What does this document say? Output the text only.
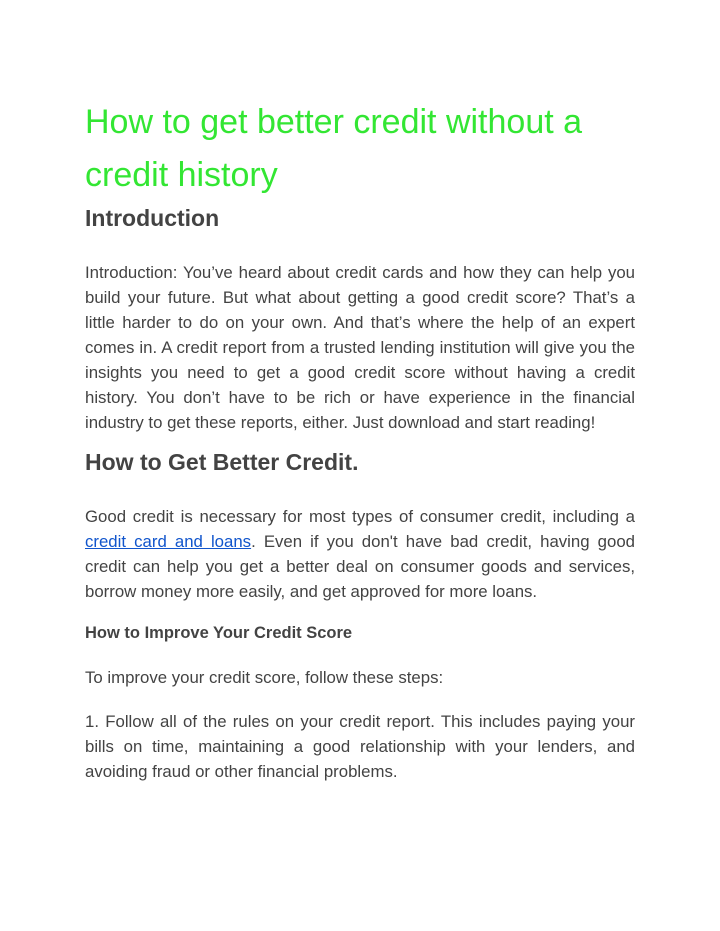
How to get better credit without a credit history
Introduction

Introduction: You’ve heard about credit cards and how they can help you build your future. But what about getting a good credit score? That’s a little harder to do on your own. And that’s where the help of an expert comes in. A credit report from a trusted lending institution will give you the insights you need to get a good credit score without having a credit history. You don’t have to be rich or have experience in the financial industry to get these reports, either. Just download and start reading!

How to Get Better Credit.

Good credit is necessary for most types of consumer credit, including a credit card and loans. Even if you don't have bad credit, having good credit can help you get a better deal on consumer goods and services, borrow money more easily, and get approved for more loans.

How to Improve Your Credit Score

To improve your credit score, follow these steps:

1. Follow all of the rules on your credit report. This includes paying your bills on time, maintaining a good relationship with your lenders, and avoiding fraud or other financial problems.
